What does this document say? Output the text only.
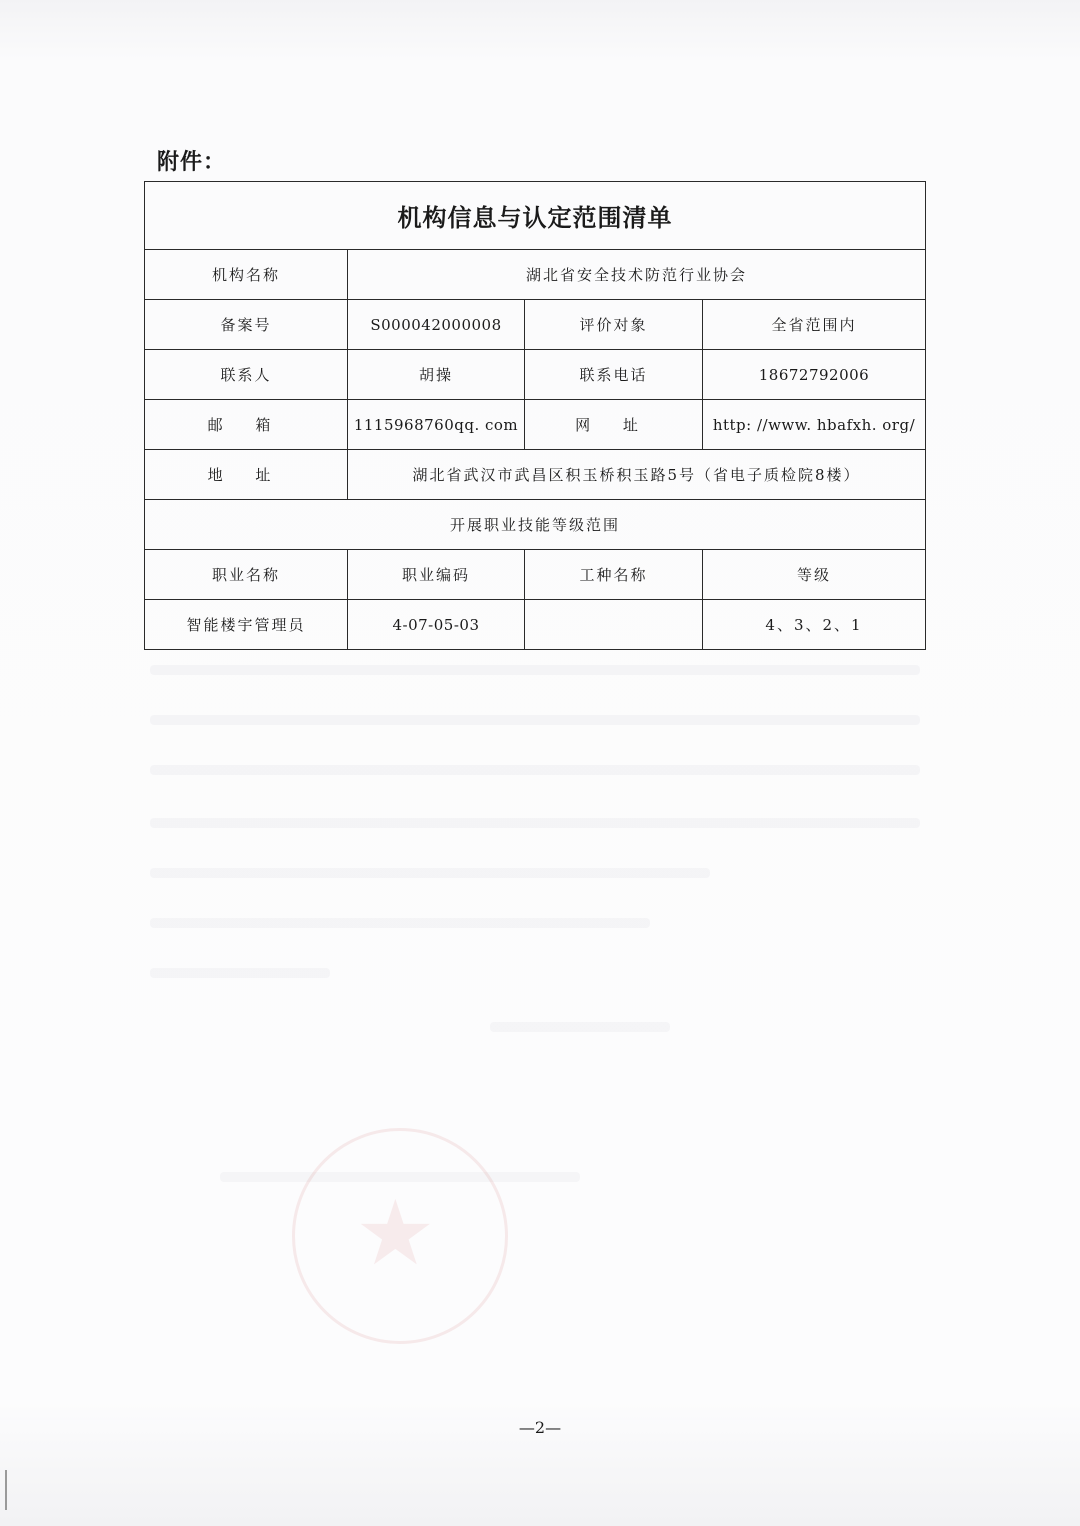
★
附件：
机构信息与认定范围清单			
机构名称	湖北省安全技术防范行业协会		
备案号	S000042000008	评价对象	全省范围内
联系人	胡操	联系电话	18672792006
邮 箱	1115968760qq. com	网 址	http: //www. hbafxh. org/
地 址	湖北省武汉市武昌区积玉桥积玉路5号（省电子质检院8楼）		
开展职业技能等级范围			
职业名称	职业编码	工种名称	等级
智能楼宇管理员	4-07-05-03		4、3、2、1
—2—
